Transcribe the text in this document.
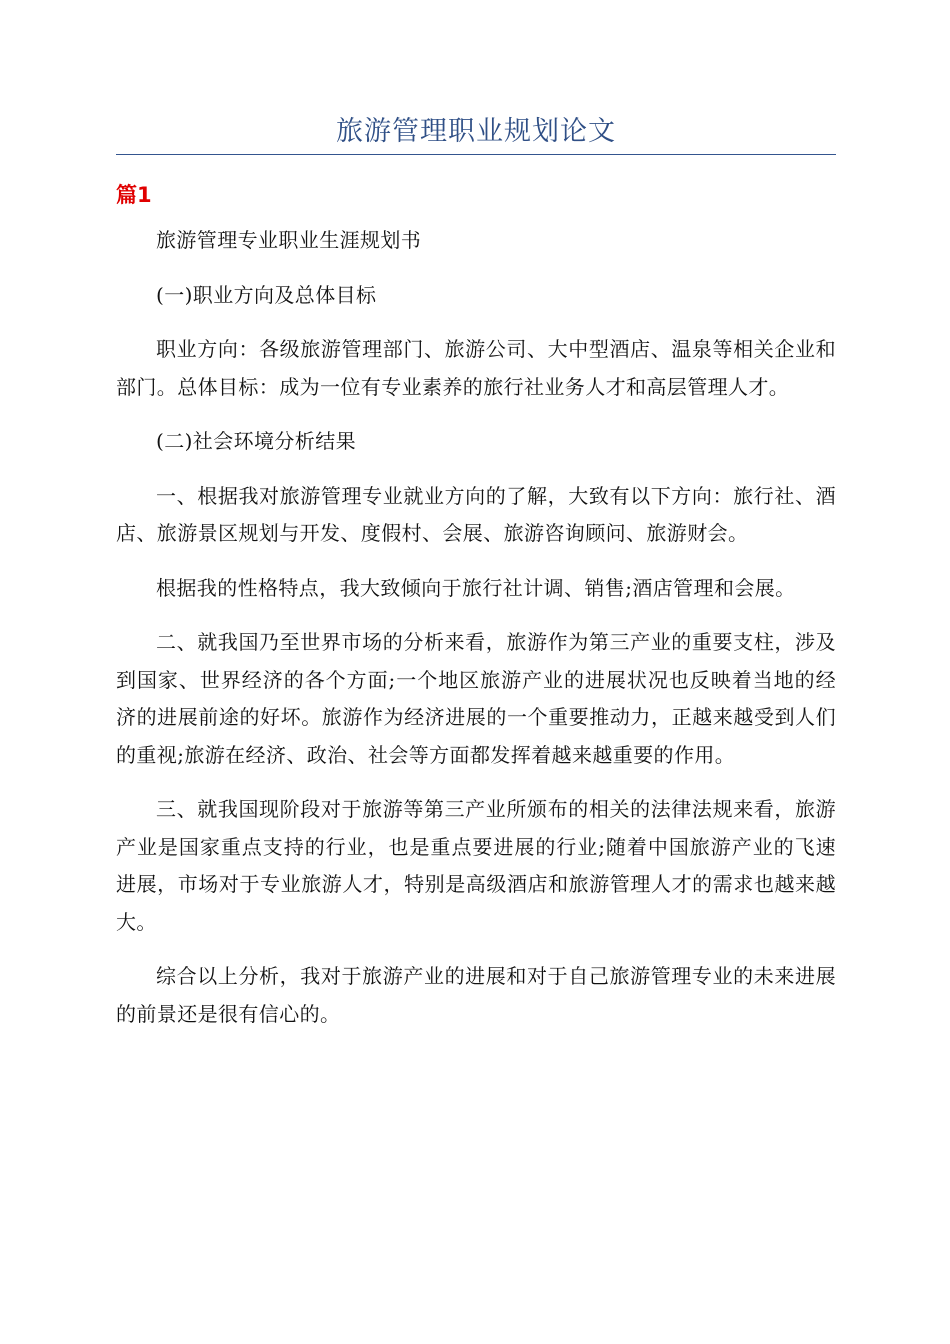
旅游管理职业规划论文
篇1

旅游管理专业职业生涯规划书

(一)职业方向及总体目标

职业方向：各级旅游管理部门、旅游公司、大中型酒店、温泉等相关企业和部门。总体目标：成为一位有专业素养的旅行社业务人才和高层管理人才。

(二)社会环境分析结果

一、根据我对旅游管理专业就业方向的了解，大致有以下方向：旅行社、酒店、旅游景区规划与开发、度假村、会展、旅游咨询顾问、旅游财会。

根据我的性格特点，我大致倾向于旅行社计调、销售;酒店管理和会展。

二、就我国乃至世界市场的分析来看，旅游作为第三产业的重要支柱，涉及到国家、世界经济的各个方面;一个地区旅游产业的进展状况也反映着当地的经济的进展前途的好坏。旅游作为经济进展的一个重要推动力，正越来越受到人们的重视;旅游在经济、政治、社会等方面都发挥着越来越重要的作用。

三、就我国现阶段对于旅游等第三产业所颁布的相关的法律法规来看，旅游产业是国家重点支持的行业，也是重点要进展的行业;随着中国旅游产业的飞速进展，市场对于专业旅游人才，特别是高级酒店和旅游管理人才的需求也越来越大。

综合以上分析，我对于旅游产业的进展和对于自己旅游管理专业的未来进展的前景还是很有信心的。
